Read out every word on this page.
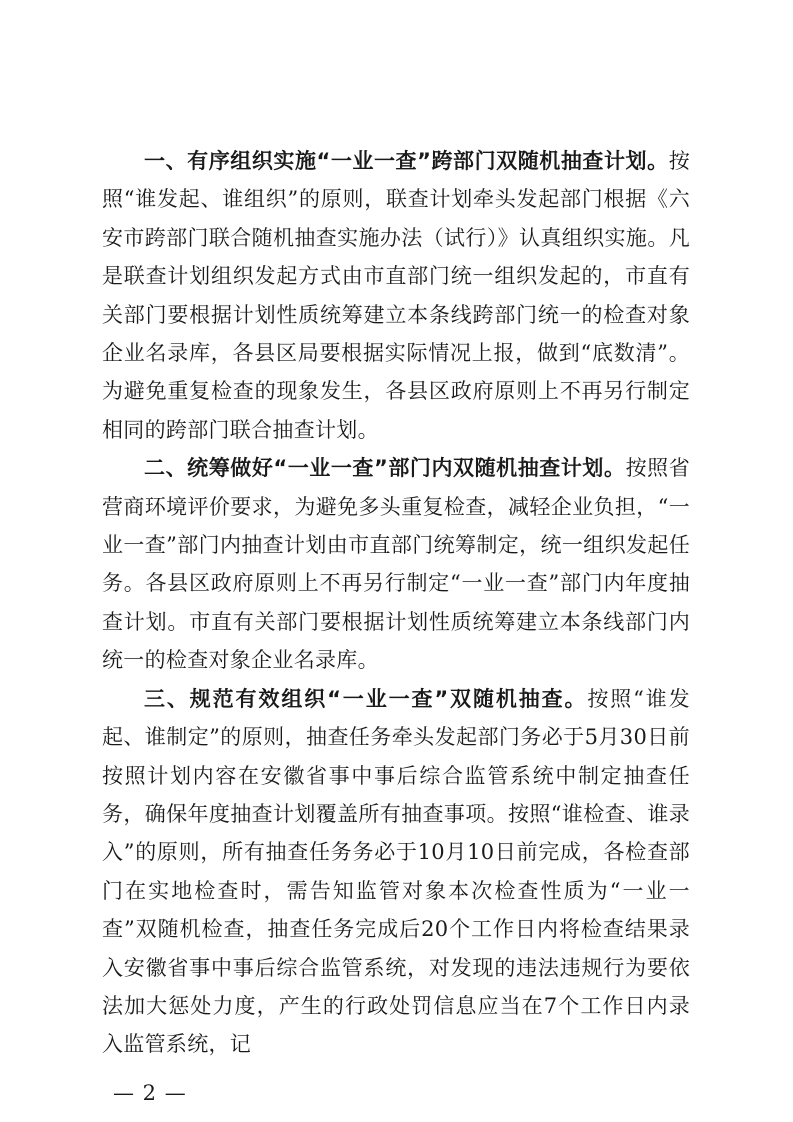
一、有序组织实施“一业一查”跨部门双随机抽查计划。按照“谁发起、谁组织”的原则，联查计划牵头发起部门根据《六安市跨部门联合随机抽查实施办法（试行）》认真组织实施。凡是联查计划组织发起方式由市直部门统一组织发起的，市直有关部门要根据计划性质统筹建立本条线跨部门统一的检查对象企业名录库，各县区局要根据实际情况上报，做到“底数清”。为避免重复检查的现象发生，各县区政府原则上不再另行制定相同的跨部门联合抽查计划。

二、统筹做好“一业一查”部门内双随机抽查计划。按照省营商环境评价要求，为避免多头重复检查，减轻企业负担，“一业一查”部门内抽查计划由市直部门统筹制定，统一组织发起任务。各县区政府原则上不再另行制定“一业一查”部门内年度抽查计划。市直有关部门要根据计划性质统筹建立本条线部门内统一的检查对象企业名录库。

三、规范有效组织“一业一查”双随机抽查。按照“谁发起、谁制定”的原则，抽查任务牵头发起部门务必于5月30日前按照计划内容在安徽省事中事后综合监管系统中制定抽查任务，确保年度抽查计划覆盖所有抽查事项。按照“谁检查、谁录入”的原则，所有抽查任务务必于10月10日前完成，各检查部门在实地检查时，需告知监管对象本次检查性质为“一业一查”双随机检查，抽查任务完成后20个工作日内将检查结果录入安徽省事中事后综合监管系统，对发现的违法违规行为要依法加大惩处力度，产生的行政处罚信息应当在7个工作日内录入监管系统，记

— 2 —
